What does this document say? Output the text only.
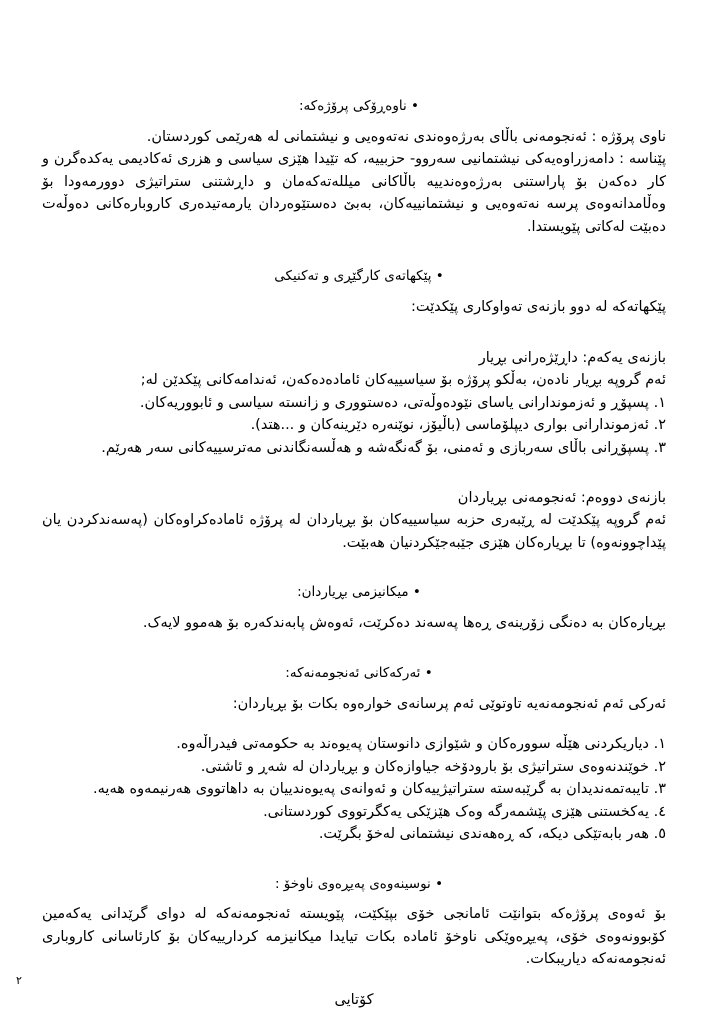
• ناوەڕۆکی پرۆژەکە:

ناوی پرۆژە : ئەنجومەنی باڵای بەرژەوەندی نەتەوەیی و نیشتمانی لە هەرێمی کوردستان.

پێناسە : دامەزراوەیەکی نیشتمانیی سەروو- حزبییە، کە تێیدا هێزی سیاسی و هزری ئەکادیمی یەکدەگرن و کار دەکەن بۆ پاراستنی بەرژەوەندییە باڵاکانی میللەتەکەمان و داڕشتنی ستراتیژی دوورمەودا بۆ وەڵامدانەوەی پرسە نەتەوەیی و نیشتمانییەکان، بەبێ دەستێوەردان یارمەتیدەری کاروبارەکانی دەوڵەت دەبێت لەکاتی پێویستدا.

• پێکهاتەی کارگێڕی و تەکنیکی

پێکهاتەکە لە دوو بازنەی تەواوکاری پێکدێت:

بازنەی یەکەم: داڕێژەرانی بڕیار

ئەم گروپە بڕیار نادەن، بەڵکو پرۆژە بۆ سیاسییەکان ئامادەدەکەن، ئەندامەکانی پێکدێن لە;

١. پسپۆڕ و ئەزموندارانی یاسای نێودەوڵەتی، دەستووری و زانستە سیاسی و ئابووریەکان.
٢. ئەزموندارانی بواری دیپلۆماسی (باڵیۆز، نوێنەرە دێرینەکان و ...هتد).
٣. پسپۆڕانی باڵای سەربازی و ئەمنی، بۆ گەنگەشە و هەڵسەنگاندنی مەترسییەکانی سەر هەرێم.

بازنەی دووەم: ئەنجومەنی بڕیاردان

ئەم گروپە پێکدێت لە ڕێبەری حزبە سیاسییەکان بۆ بڕیاردان لە پرۆژە ئامادەکراوەکان (پەسەندکردن یان پێداچوونەوە) تا بڕیارەکان هێزی جێبەجێکردنیان هەبێت.

• میکانیزمی بڕیاردان:

بڕیارەکان بە دەنگی زۆرینەی ڕەها پەسەند دەکرێت، ئەوەش پابەندکەرە بۆ هەموو لایەک.

• ئەرکەکانی ئەنجومەنەکە:

ئەرکی ئەم ئەنجومەنەیە تاوتوێی ئەم پرسانەی خوارەوە بکات بۆ بڕیاردان:

١. دیاریکردنی هێڵە سوورەکان و شێوازی دانوستان پەیوەند بە حکومەتی فیدراڵەوە.
٢. خوێندنەوەی ستراتیژی بۆ بارودۆخە جیاوازەکان و بڕیاردان لە شەڕ و ئاشتی.
٣. تایبەتمەندیدان بە گرێبەستە ستراتیژییەکان و ئەوانەی پەیوەندییان بە داهاتووی هەرنیمەوە هەیە.
٤. یەکخستنی هێزی پێشمەرگە وەک هێزێکی یەکگرتووی کوردستانی.
٥. هەر بابەتێکی دیکە، کە ڕەهەندی نیشتمانی لەخۆ بگرێت.
• نوسینەوەی پەیڕەوی ناوخۆ :

بۆ ئەوەی پرۆژەکە بتوانێت ئامانجی خۆی بپێکێت، پێویستە ئەنجومەنەکە لە دوای گرێدانی یەکەمین کۆبوونەوەی خۆی، پەیڕەوێکی ناوخۆ ئاماده بکات تیایدا میکانیزمە کردارییەکان بۆ کارئاسانی کاروباری ئەنجومەنەکە دیاریبکات.

کۆتایی

٢
